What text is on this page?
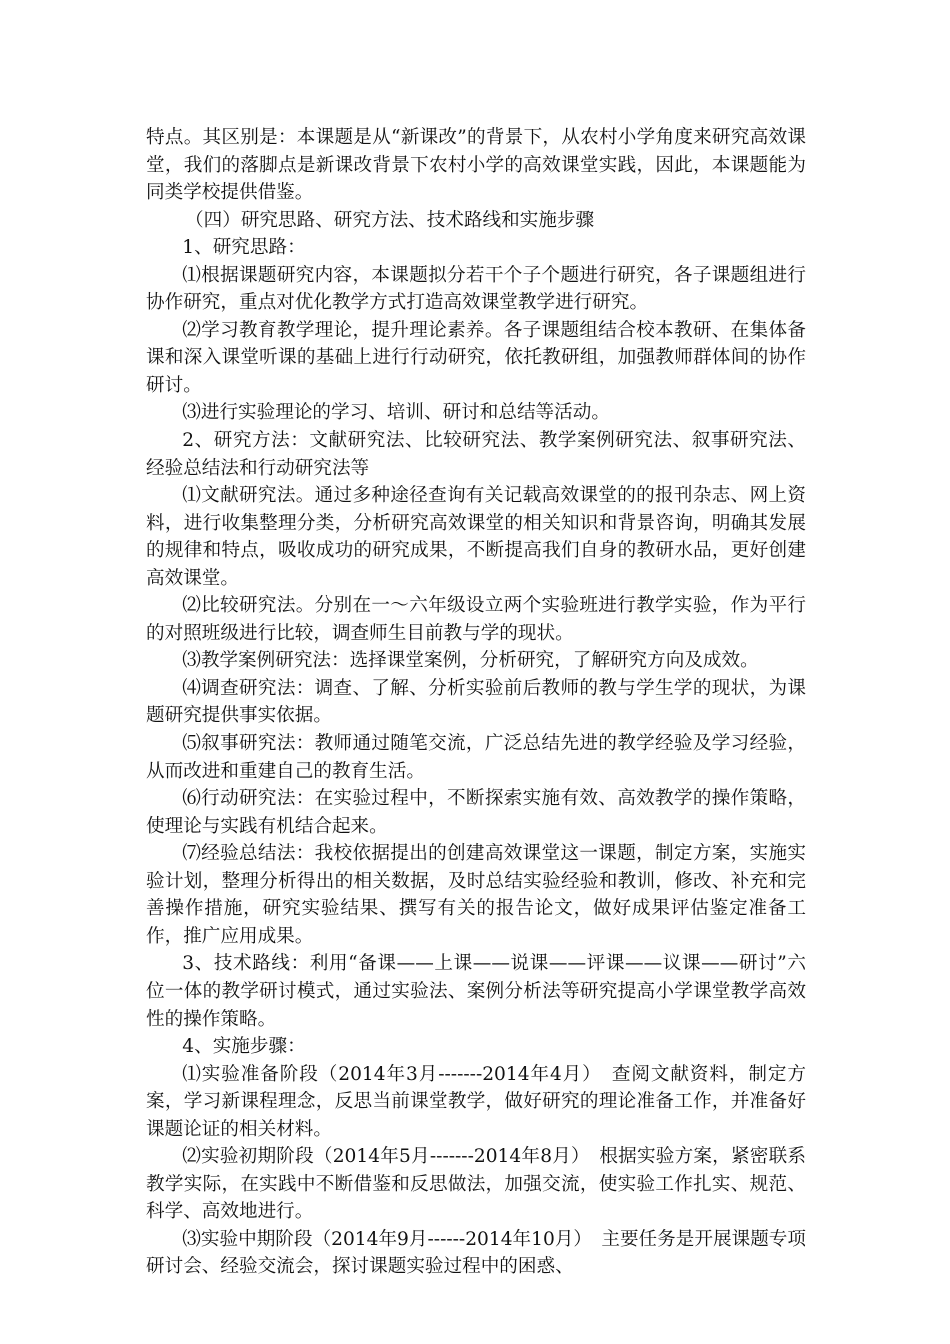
特点。其区别是：本课题是从“新课改”的背景下，从农村小学角度来研究高效课堂，我们的落脚点是新课改背景下农村小学的高效课堂实践，因此，本课题能为同类学校提供借鉴。

（四）研究思路、研究方法、技术路线和实施步骤

1、研究思路：

⑴根据课题研究内容，本课题拟分若干个子个题进行研究，各子课题组进行协作研究，重点对优化教学方式打造高效课堂教学进行研究。

⑵学习教育教学理论，提升理论素养。各子课题组结合校本教研、在集体备课和深入课堂听课的基础上进行行动研究，依托教研组，加强教师群体间的协作研讨。

⑶进行实验理论的学习、培训、研讨和总结等活动。

2、研究方法：文献研究法、比较研究法、教学案例研究法、叙事研究法、经验总结法和行动研究法等

⑴文献研究法。通过多种途径查询有关记载高效课堂的的报刊杂志、网上资料，进行收集整理分类，分析研究高效课堂的相关知识和背景咨询，明确其发展的规律和特点，吸收成功的研究成果，不断提高我们自身的教研水品，更好创建高效课堂。

⑵比较研究法。分别在一～六年级设立两个实验班进行教学实验，作为平行的对照班级进行比较，调查师生目前教与学的现状。

⑶教学案例研究法：选择课堂案例，分析研究，了解研究方向及成效。

⑷调查研究法：调查、了解、分析实验前后教师的教与学生学的现状，为课题研究提供事实依据。

⑸叙事研究法：教师通过随笔交流，广泛总结先进的教学经验及学习经验，从而改进和重建自己的教育生活。

⑹行动研究法：在实验过程中，不断探索实施有效、高效教学的操作策略，使理论与实践有机结合起来。

⑺经验总结法：我校依据提出的创建高效课堂这一课题，制定方案，实施实验计划，整理分析得出的相关数据，及时总结实验经验和教训，修改、补充和完善操作措施，研究实验结果、撰写有关的报告论文，做好成果评估鉴定准备工作，推广应用成果。

3、技术路线：利用“备课——上课——说课——评课——议课——研讨”六位一体的教学研讨模式，通过实验法、案例分析法等研究提高小学课堂教学高效性的操作策略。

4、实施步骤：

⑴实验准备阶段（2014年3月-------2014年4月）　查阅文献资料，制定方案，学习新课程理念，反思当前课堂教学，做好研究的理论准备工作，并准备好课题论证的相关材料。

⑵实验初期阶段（2014年5月-------2014年8月）　根据实验方案，紧密联系教学实际，在实践中不断借鉴和反思做法，加强交流，使实验工作扎实、规范、科学、高效地进行。

⑶实验中期阶段（2014年9月------2014年10月）　主要任务是开展课题专项研讨会、经验交流会，探讨课题实验过程中的困惑、
